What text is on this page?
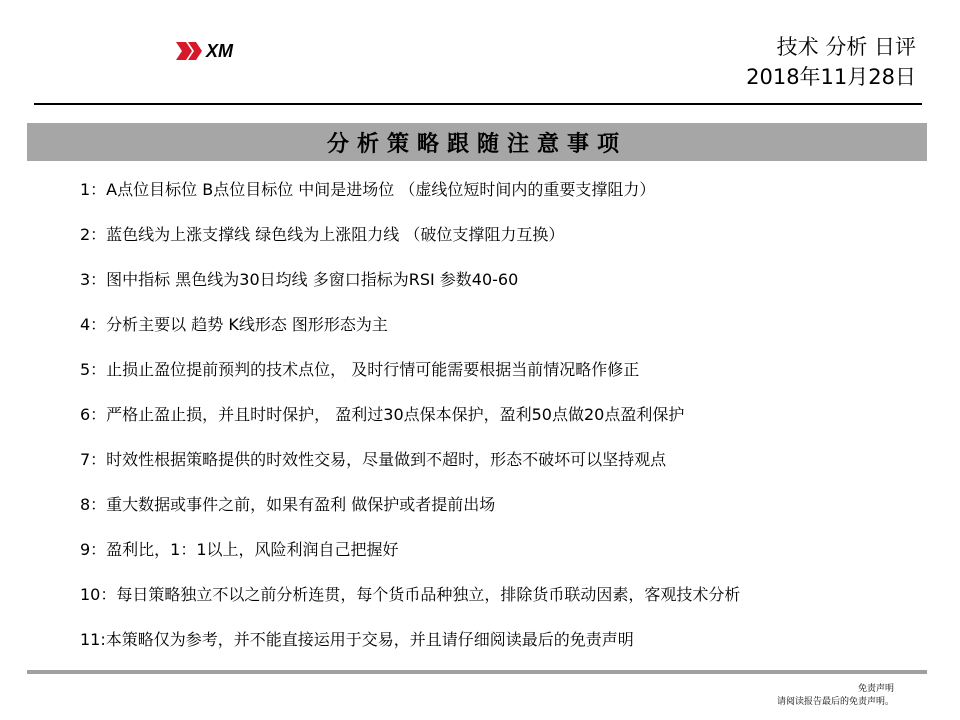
XM	技术 分析 日评
2018年11月28日
分析策略跟随注意事项
1：A点位目标位 B点位目标位 中间是进场位 （虚线位短时间内的重要支撑阻力）
2：蓝色线为上涨支撑线 绿色线为上涨阻力线 （破位支撑阻力互换）
3：图中指标 黑色线为30日均线 多窗口指标为RSI 参数40-60
4：分析主要以 趋势 K线形态 图形形态为主
5：止损止盈位提前预判的技术点位， 及时行情可能需要根据当前情况略作修正
6：严格止盈止损，并且时时保护， 盈利过30点保本保护，盈利50点做20点盈利保护
7：时效性根据策略提供的时效性交易，尽量做到不超时，形态不破坏可以坚持观点
8：重大数据或事件之前，如果有盈利 做保护或者提前出场
9：盈利比，1：1以上，风险利润自己把握好
10：每日策略独立不以之前分析连贯，每个货币品种独立，排除货币联动因素，客观技术分析
11:本策略仅为参考，并不能直接运用于交易，并且请仔细阅读最后的免责声明
免责声明
请阅读报告最后的免责声明。
